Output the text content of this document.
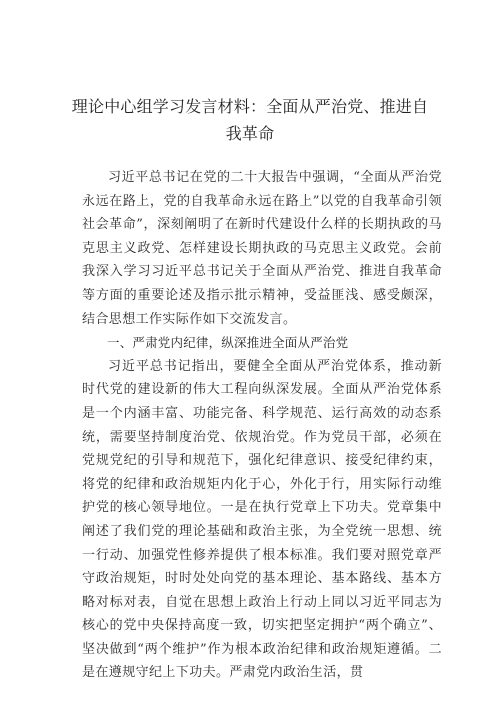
理论中心组学习发言材料：全面从严治党、推进自我革命

习近平总书记在党的二十大报告中强调，“全面从严治党永远在路上，党的自我革命永远在路上”以党的自我革命引领社会革命”，深刻阐明了在新时代建设什么样的长期执政的马克思主义政党、怎样建设长期执政的马克思主义政党。会前我深入学习习近平总书记关于全面从严治党、推进自我革命等方面的重要论述及指示批示精神，受益匪浅、感受颇深，结合思想工作实际作如下交流发言。

一、严肃党内纪律，纵深推进全面从严治党

习近平总书记指出，要健全全面从严治党体系，推动新时代党的建设新的伟大工程向纵深发展。全面从严治党体系是一个内涵丰富、功能完备、科学规范、运行高效的动态系统，需要坚持制度治党、依规治党。作为党员干部，必须在党规党纪的引导和规范下，强化纪律意识、接受纪律约束，将党的纪律和政治规矩内化于心，外化于行，用实际行动维护党的核心领导地位。一是在执行党章上下功夫。党章集中阐述了我们党的理论基础和政治主张，为全党统一思想、统一行动、加强党性修养提供了根本标准。我们要对照党章严守政治规矩，时时处处向党的基本理论、基本路线、基本方略对标对表，自觉在思想上政治上行动上同以习近平同志为核心的党中央保持高度一致，切实把坚定拥护“两个确立”、坚决做到“两个维护”作为根本政治纪律和政治规矩遵循。二是在遵规守纪上下功夫。严肃党内政治生活，贯
